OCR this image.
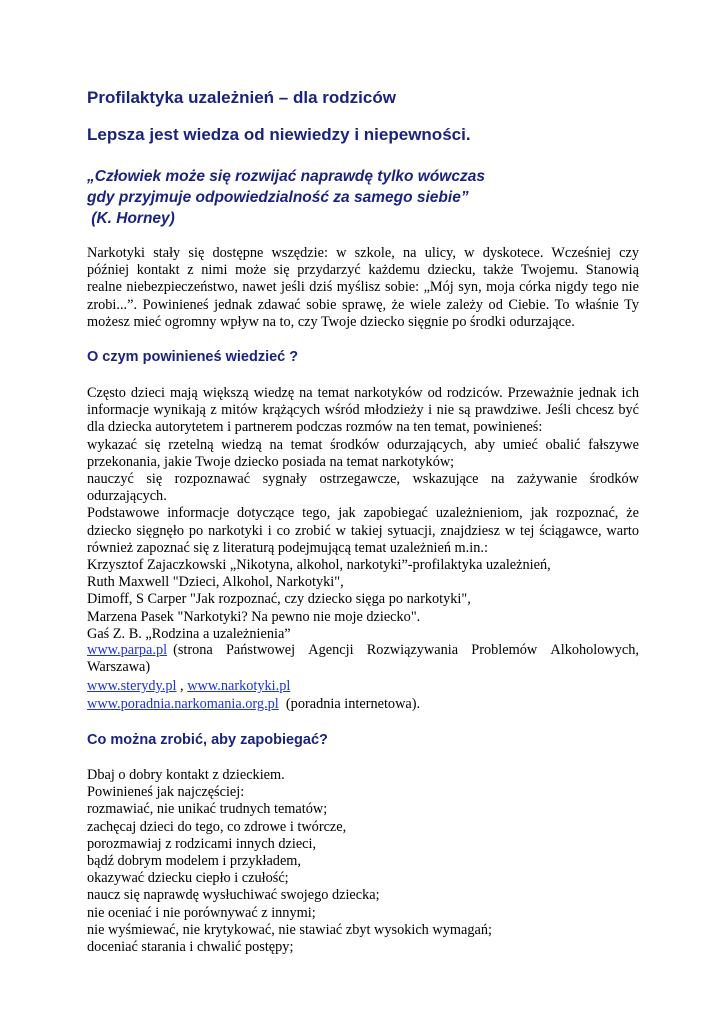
Profilaktyka uzależnień – dla rodziców
Lepsza jest wiedza od niewiedzy i niepewności.
„Człowiek może się rozwijać naprawdę tylko wówczas
gdy przyjmuje odpowiedzialność za samego siebie”
(K. Horney)
Narkotyki stały się dostępne wszędzie: w szkole, na ulicy, w dyskotece. Wcześniej czy
później kontakt z nimi może się przydarzyć każdemu dziecku, także Twojemu. Stanowią
realne niebezpieczeństwo, nawet jeśli dziś myślisz sobie: „Mój syn, moja córka nigdy tego nie
zrobi...”. Powinieneś jednak zdawać sobie sprawę, że wiele zależy od Ciebie. To właśnie Ty
możesz mieć ogromny wpływ na to, czy Twoje dziecko sięgnie po środki odurzające.
O czym powinieneś wiedzieć ?
Często dzieci mają większą wiedzę na temat narkotyków od rodziców. Przeważnie jednak ich
informacje wynikają z mitów krążących wśród młodzieży i nie są prawdziwe. Jeśli chcesz być
dla dziecka autorytetem i partnerem podczas rozmów na ten temat, powinieneś:
wykazać się rzetelną wiedzą na temat środków odurzających, aby umieć obalić fałszywe
przekonania, jakie Twoje dziecko posiada na temat narkotyków;
nauczyć się rozpoznawać sygnały ostrzegawcze, wskazujące na zażywanie środków
odurzających.
Podstawowe informacje dotyczące tego, jak zapobiegać uzależnieniom, jak rozpoznać, że
dziecko sięgnęło po narkotyki i co zrobić w takiej sytuacji, znajdziesz w tej ściągawce, warto
również zapoznać się z literaturą podejmującą temat uzależnień m.in.:
Krzysztof Zajaczkowski „Nikotyna, alkohol, narkotyki”-profilaktyka uzależnień,
Ruth Maxwell "Dzieci, Alkohol, Narkotyki",
Dimoff, S Carper "Jak rozpoznać, czy dziecko sięga po narkotyki",
Marzena Pasek "Narkotyki? Na pewno nie moje dziecko".
Gaś Z. B. „Rodzina a uzależnienia”
www.parpa.pl (strona Państwowej Agencji Rozwiązywania Problemów Alkoholowych,
Warszawa)
www.sterydy.pl , www.narkotyki.pl
www.poradnia.narkomania.org.pl  (poradnia internetowa).
Co można zrobić, aby zapobiegać?
Dbaj o dobry kontakt z dzieckiem.
Powinieneś jak najczęściej:
rozmawiać, nie unikać trudnych tematów;
zachęcaj dzieci do tego, co zdrowe i twórcze,
porozmawiaj z rodzicami innych dzieci,
bądź dobrym modelem i przykładem,
okazywać dziecku ciepło i czułość;
naucz się naprawdę wysłuchiwać swojego dziecka;
nie oceniać i nie porównywać z innymi;
nie wyśmiewać, nie krytykować, nie stawiać zbyt wysokich wymagań;
doceniać starania i chwalić postępy;
